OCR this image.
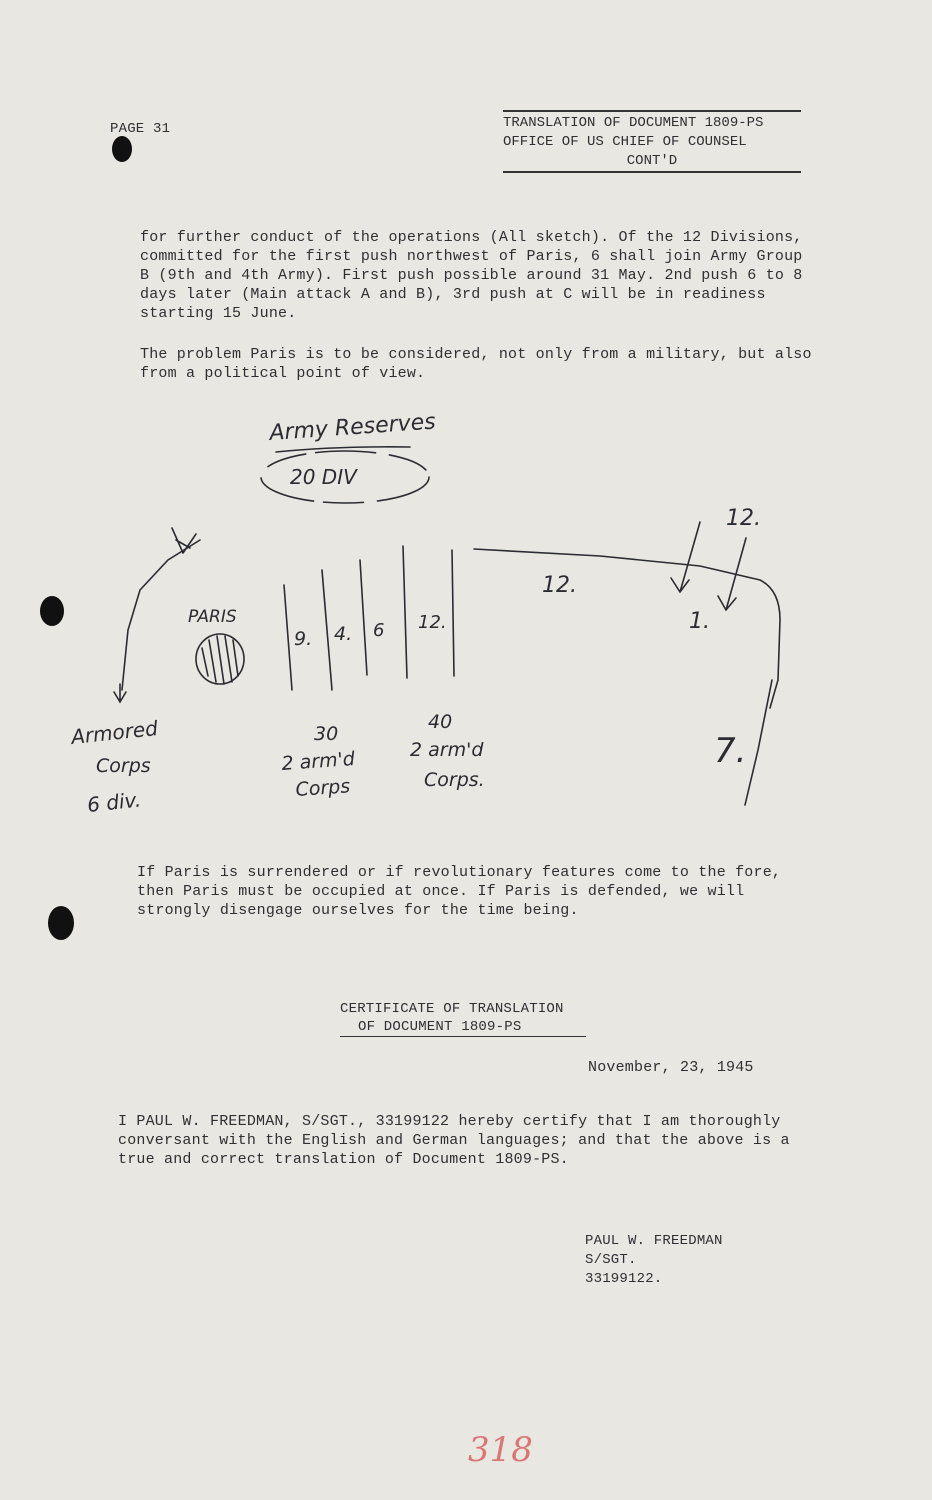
PAGE 31	TRANSLATION OF DOCUMENT 1809-PS
OFFICE OF US CHIEF OF COUNSEL
CONT'D
for further conduct of the operations (All sketch). Of the 12 Divisions,
committed for the first push northwest of Paris, 6 shall join Army Group
B (9th and 4th Army). First push possible around 31 May. 2nd push 6 to 8
days later (Main attack A and B), 3rd push at C will be in readiness
starting 15 June.
The problem Paris is to be considered, not only from a military, but also
from a political point of view.
Army Reserves
20 DIV
PARIS
9. 4. 6 12.
12.
12.
1.
7.
Armored
Corps
6 div.
30
2 arm'd
Corps
40
2 arm'd
Corps.
If Paris is surrendered or if revolutionary features come to the fore,
then Paris must be occupied at once. If Paris is defended, we will
strongly disengage ourselves for the time being.
CERTIFICATE OF TRANSLATION
OF DOCUMENT 1809-PS
November, 23, 1945
I PAUL W. FREEDMAN, S/SGT., 33199122 hereby certify that I am thoroughly
conversant with the English and German languages; and that the above is a
true and correct translation of Document 1809-PS.
PAUL W. FREEDMAN
S/SGT.
33199122.
318
